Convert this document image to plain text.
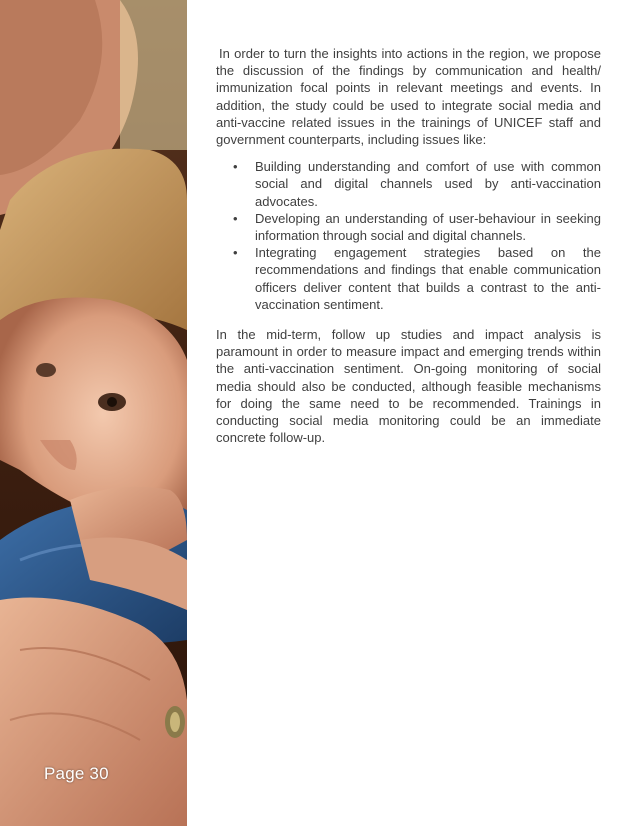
Page 30

In order to turn the insights into actions in the region, we propose the discussion of the findings by communication and health/ immunization focal points in relevant meetings and events. In addition, the study could be used to integrate social media and anti-vaccine related issues in the trainings of UNICEF staff and government counterparts, including issues like:

• Building understanding and comfort of use with common social and digital channels used by anti-vaccination advocates.
• Developing an understanding of user-behaviour in seeking information through social and digital channels.
• Integrating engagement strategies based on the recommendations and findings that enable communication officers deliver content that builds a contrast to the anti-vaccination sentiment.

In the mid-term, follow up studies and impact analysis is paramount in order to measure impact and emerging trends within the anti-vaccination sentiment. On-going monitoring of social media should also be conducted, although feasible mechanisms for doing the same need to be recommended. Trainings in conducting social media monitoring could be an immediate concrete follow-up.
